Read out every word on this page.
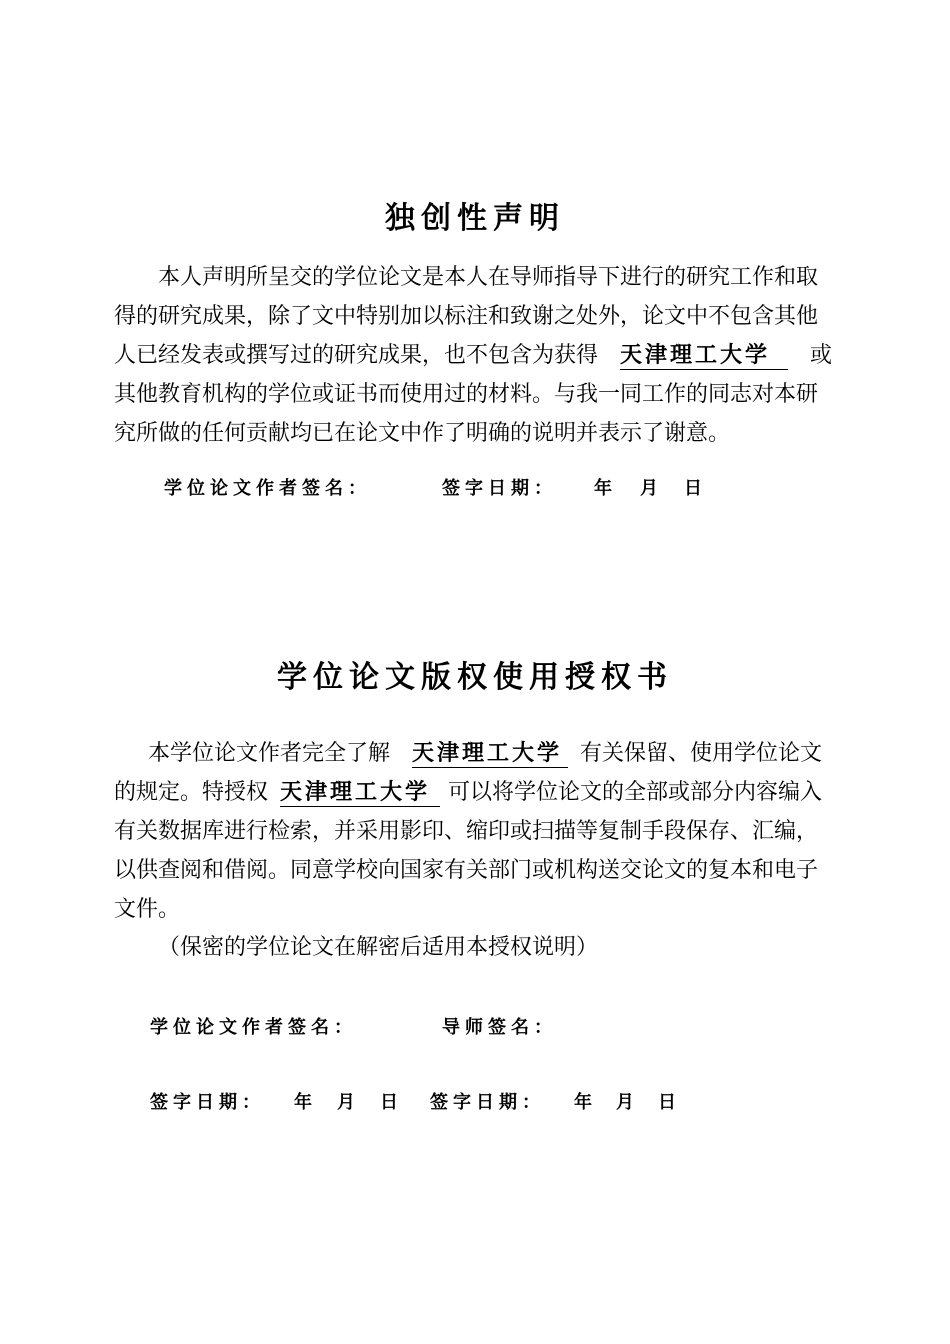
独创性声明
本人声明所呈交的学位论文是本人在导师指导下进行的研究工作和取
得的研究成果，除了文中特别加以标注和致谢之处外，论文中不包含其他
人已经发表或撰写过的研究成果，也不包含为获得 天津理工大学 或
其他教育机构的学位或证书而使用过的材料。与我一同工作的同志对本研
究所做的任何贡献均已在论文中作了明确的说明并表示了谢意。
学位论文作者签名：	签字日期： 年 月 日
学位论文版权使用授权书
本学位论文作者完全了解 天津理工大学 有关保留、使用学位论文
的规定。特授权 天津理工大学 可以将学位论文的全部或部分内容编入
有关数据库进行检索，并采用影印、缩印或扫描等复制手段保存、汇编，
以供查阅和借阅。同意学校向国家有关部门或机构送交论文的复本和电子
文件。
（保密的学位论文在解密后适用本授权说明）
学位论文作者签名：	导师签名：
签字日期： 年 月 日 签字日期： 年 月 日
